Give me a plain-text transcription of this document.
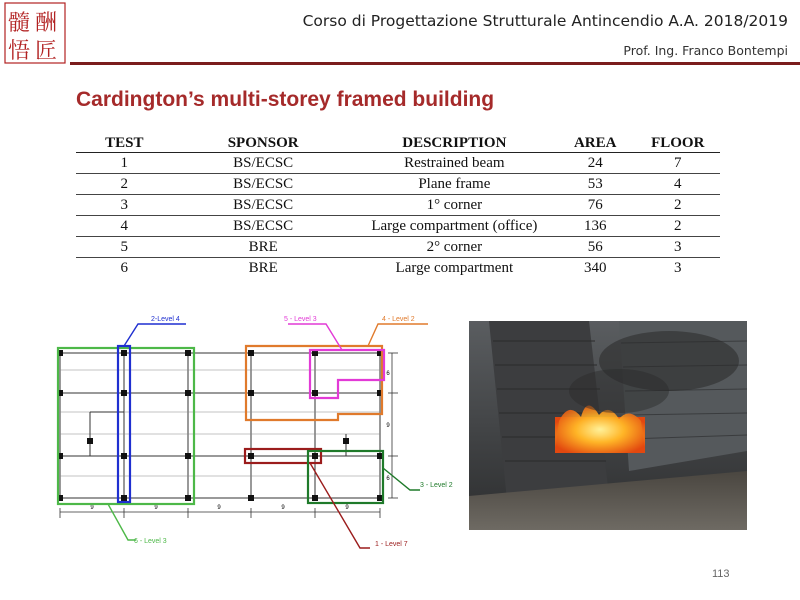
髓 酬
悟 匠
Corso di Progettazione Strutturale Antincendio A.A. 2018/2019
Prof. Ing. Franco Bontempi
Cardington’s multi-storey framed building
TEST	SPONSOR	DESCRIPTION	AREA	FLOOR
1	BS/ECSC	Restrained beam	24	7
2	BS/ECSC	Plane frame	53	4
3	BS/ECSC	1° corner	76	2
4	BS/ECSC	Large compartment (office)	136	2
5	BRE	2° corner	56	3
6	BRE	Large compartment	340	3
9	9	9	9	9
6
9
6
2-Level 4	5 - Level 3	4 - Level 2
3 - Level 2
1 - Level 7
6 - Level 3
113
